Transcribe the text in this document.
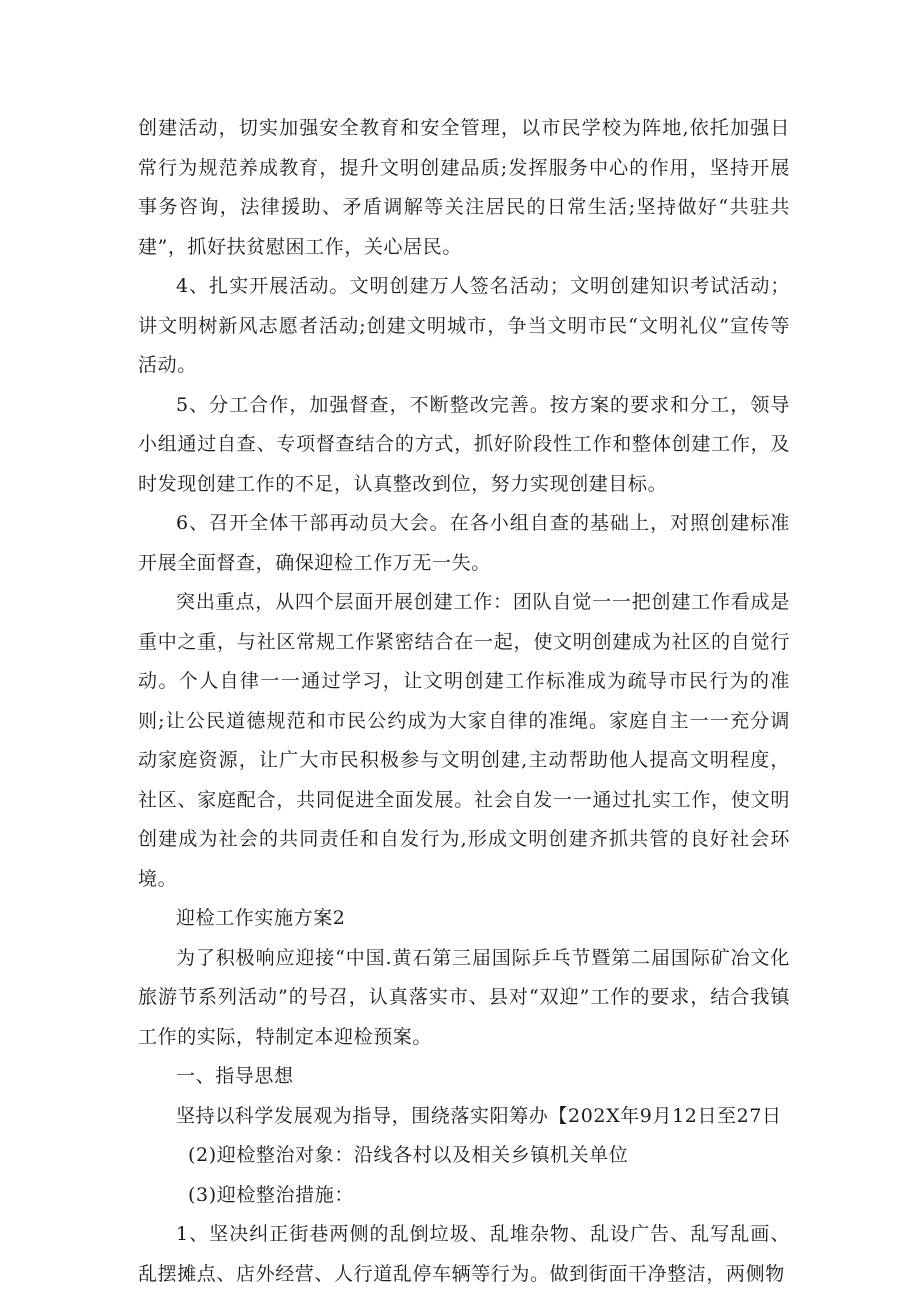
创建活动，切实加强安全教育和安全管理，以市民学校为阵地,依托加强日常行为规范养成教育，提升文明创建品质;发挥服务中心的作用，坚持开展事务咨询，法律援助、矛盾调解等关注居民的日常生活;坚持做好“共驻共建”，抓好扶贫慰困工作，关心居民。

4、扎实开展活动。文明创建万人签名活动；文明创建知识考试活动；讲文明树新风志愿者活动;创建文明城市，争当文明市民“文明礼仪”宣传等活动。

5、分工合作，加强督查，不断整改完善。按方案的要求和分工，领导小组通过自查、专项督查结合的方式，抓好阶段性工作和整体创建工作，及时发现创建工作的不足，认真整改到位，努力实现创建目标。

6、召开全体干部再动员大会。在各小组自查的基础上，对照创建标准开展全面督查，确保迎检工作万无一失。

突出重点，从四个层面开展创建工作：团队自觉一一把创建工作看成是重中之重，与社区常规工作紧密结合在一起，使文明创建成为社区的自觉行动。个人自律一一通过学习，让文明创建工作标准成为疏导市民行为的准则;让公民道德规范和市民公约成为大家自律的准绳。家庭自主一一充分调动家庭资源，让广大市民积极参与文明创建,主动帮助他人提高文明程度，社区、家庭配合，共同促进全面发展。社会自发一一通过扎实工作，使文明创建成为社会的共同责任和自发行为,形成文明创建齐抓共管的良好社会环境。

迎检工作实施方案2

为了积极响应迎接“中国.黄石第三届国际乒乓节暨第二届国际矿冶文化旅游节系列活动”的号召，认真落实市、县对“双迎”工作的要求，结合我镇工作的实际，特制定本迎检预案。

一、指导思想

坚持以科学发展观为指导，围绕落实阳筹办【202X年9月12日至27日

(2)迎检整治对象：沿线各村以及相关乡镇机关单位

(3)迎检整治措施：

1、坚决纠正街巷两侧的乱倒垃圾、乱堆杂物、乱设广告、乱写乱画、乱摆摊点、店外经营、人行道乱停车辆等行为。做到街面干净整洁，两侧物
